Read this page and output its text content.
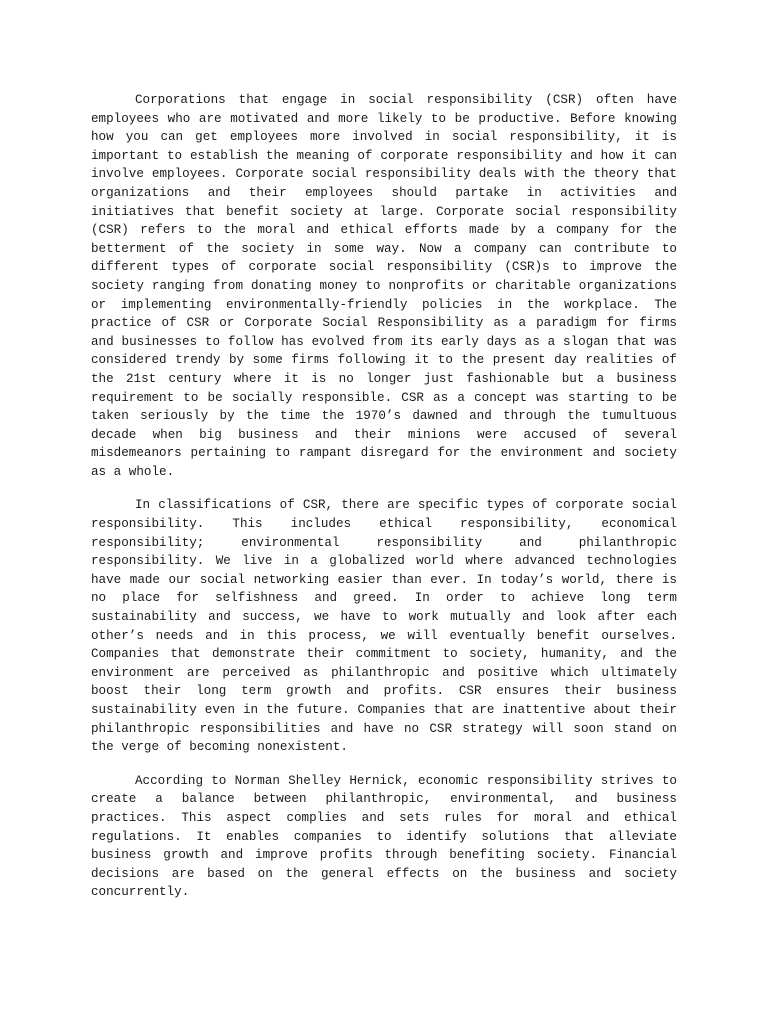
Corporations that engage in social responsibility (CSR) often have employees who are motivated and more likely to be productive. Before knowing how you can get employees more involved in social responsibility, it is important to establish the meaning of corporate responsibility and how it can involve employees. Corporate social responsibility deals with the theory that organizations and their employees should partake in activities and initiatives that benefit society at large. Corporate social responsibility (CSR) refers to the moral and ethical efforts made by a company for the betterment of the society in some way. Now a company can contribute to different types of corporate social responsibility (CSR)s to improve the society ranging from donating money to nonprofits or charitable organizations or implementing environmentally-friendly policies in the workplace. The practice of CSR or Corporate Social Responsibility as a paradigm for firms and businesses to follow has evolved from its early days as a slogan that was considered trendy by some firms following it to the present day realities of the 21st century where it is no longer just fashionable but a business requirement to be socially responsible. CSR as a concept was starting to be taken seriously by the time the 1970’s dawned and through the tumultuous decade when big business and their minions were accused of several misdemeanors pertaining to rampant disregard for the environment and society as a whole.

In classifications of CSR, there are specific types of corporate social responsibility. This includes ethical responsibility, economical responsibility; environmental responsibility and philanthropic responsibility. We live in a globalized world where advanced technologies have made our social networking easier than ever. In today’s world, there is no place for selfishness and greed. In order to achieve long term sustainability and success, we have to work mutually and look after each other’s needs and in this process, we will eventually benefit ourselves. Companies that demonstrate their commitment to society, humanity, and the environment are perceived as philanthropic and positive which ultimately boost their long term growth and profits. CSR ensures their business sustainability even in the future. Companies that are inattentive about their philanthropic responsibilities and have no CSR strategy will soon stand on the verge of becoming nonexistent.

According to Norman Shelley Hernick, economic responsibility strives to create a balance between philanthropic, environmental, and business practices. This aspect complies and sets rules for moral and ethical regulations. It enables companies to identify solutions that alleviate business growth and improve profits through benefiting society. Financial decisions are based on the general effects on the business and society concurrently.
